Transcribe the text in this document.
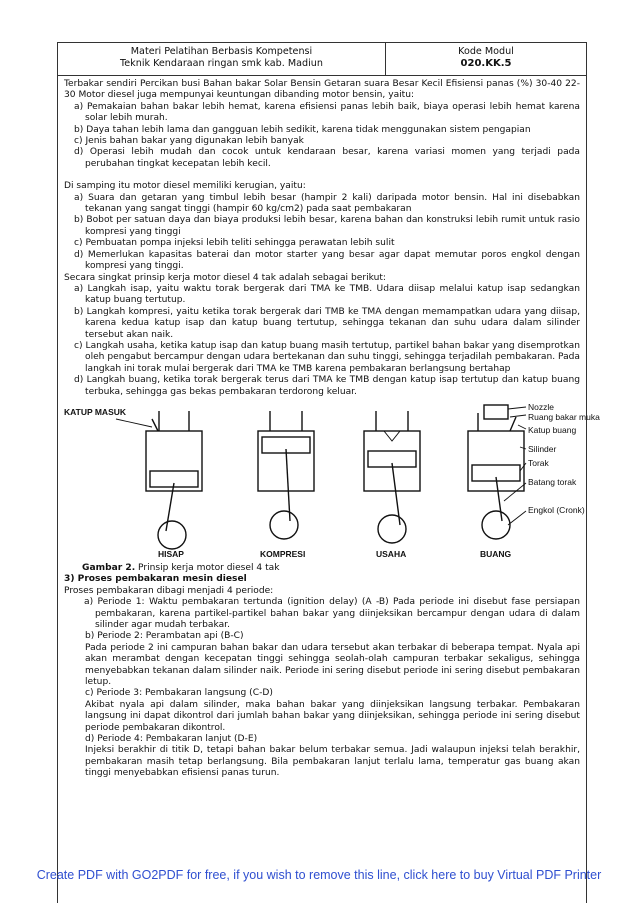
Materi Pelatihan Berbasis Kompetensi
Teknik Kendaraan ringan smk kab. Madiun
Kode Modul
020.KK.5

Terbakar sendiri Percikan busi Bahan bakar Solar Bensin Getaran suara Besar Kecil Efisiensi panas (%) 30-40 22-30 Motor diesel juga mempunyai keuntungan dibanding motor bensin, yaitu:

a) Pemakaian bahan bakar lebih hemat, karena efisiensi panas lebih baik, biaya operasi lebih hemat karena solar lebih murah.

b) Daya tahan lebih lama dan gangguan lebih sedikit, karena tidak menggunakan sistem pengapian

c) Jenis bahan bakar yang digunakan lebih banyak

d) Operasi lebih mudah dan cocok untuk kendaraan besar, karena variasi momen yang terjadi pada perubahan tingkat kecepatan lebih kecil.

Di samping itu motor diesel memiliki kerugian, yaitu:

a) Suara dan getaran yang timbul lebih besar (hampir 2 kali) daripada motor bensin. Hal ini disebabkan tekanan yang sangat tinggi (hampir 60 kg/cm2) pada saat pembakaran

b) Bobot per satuan daya dan biaya produksi lebih besar, karena bahan dan konstruksi lebih rumit untuk rasio kompresi yang tinggi

c) Pembuatan pompa injeksi lebih teliti sehingga perawatan lebih sulit

d) Memerlukan kapasitas baterai dan motor starter yang besar agar dapat memutar poros engkol dengan kompresi yang tinggi.

Secara singkat prinsip kerja motor diesel 4 tak adalah sebagai berikut:

a) Langkah isap, yaitu waktu torak bergerak dari TMA ke TMB. Udara diisap melalui katup isap sedangkan katup buang tertutup.

b) Langkah kompresi, yaitu ketika torak bergerak dari TMB ke TMA dengan memampatkan udara yang diisap, karena kedua katup isap dan katup buang tertutup, sehingga tekanan dan suhu udara dalam silinder tersebut akan naik.

c) Langkah usaha, ketika katup isap dan katup buang masih tertutup, partikel bahan bakar yang disemprotkan oleh pengabut bercampur dengan udara bertekanan dan suhu tinggi, sehingga terjadilah pembakaran. Pada langkah ini torak mulai bergerak dari TMA ke TMB karena pembakaran berlangsung bertahap

d) Langkah buang, ketika torak bergerak terus dari TMA ke TMB dengan katup isap tertutup dan katup buang terbuka, sehingga gas bekas pembakaran terdorong keluar.

KATUP MASUK	Nozzle
Ruang bakar muka
Katup buang
Silinder
Torak
Batang torak
Engkol (Cronk)
HISAP	KOMPRESI	USAHA	BUANG
Gambar 2. Prinsip kerja motor diesel 4 tak

3) Proses pembakaran mesin diesel

Proses pembakaran dibagi menjadi 4 periode:

a) Periode 1: Waktu pembakaran tertunda (ignition delay) (A -B) Pada periode ini disebut fase persiapan pembakaran, karena partikel-partikel bahan bakar yang diinjeksikan bercampur dengan udara di dalam silinder agar mudah terbakar.

b) Periode 2: Perambatan api (B-C)

Pada periode 2 ini campuran bahan bakar dan udara tersebut akan terbakar di beberapa tempat. Nyala api akan merambat dengan kecepatan tinggi sehingga seolah-olah campuran terbakar sekaligus, sehingga menyebabkan tekanan dalam silinder naik. Periode ini sering disebut periode ini sering disebut pembakaran letup.

c) Periode 3: Pembakaran langsung (C-D)

Akibat nyala api dalam silinder, maka bahan bakar yang diinjeksikan langsung terbakar. Pembakaran langsung ini dapat dikontrol dari jumlah bahan bakar yang diinjeksikan, sehingga periode ini sering disebut periode pembakaran dikontrol.

d) Periode 4: Pembakaran lanjut (D-E)

Injeksi berakhir di titik D, tetapi bahan bakar belum terbakar semua. Jadi walaupun injeksi telah berakhir, pembakaran masih tetap berlangsung. Bila pembakaran lanjut terlalu lama, temperatur gas buang akan tinggi menyebabkan efisiensi panas turun.

Create PDF with GO2PDF for free, if you wish to remove this line, click here to buy Virtual PDF Printer
